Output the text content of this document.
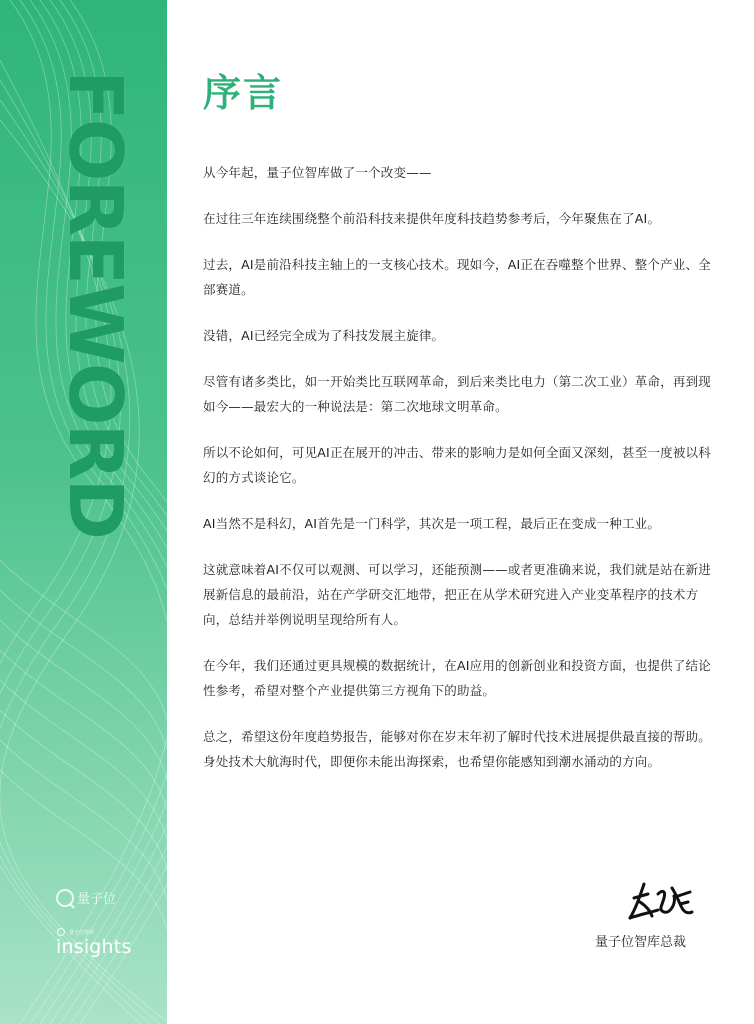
FOREWORD
量子位
量子位智库
insights
序言

从今年起，量子位智库做了一个改变——

在过往三年连续围绕整个前沿科技来提供年度科技趋势参考后，今年聚焦在了AI。

过去，AI是前沿科技主轴上的一支核心技术。现如今，AI正在吞噬整个世界、整个产业、全部赛道。

没错，AI已经完全成为了科技发展主旋律。

尽管有诸多类比，如一开始类比互联网革命，到后来类比电力（第二次工业）革命，再到现如今——最宏大的一种说法是：第二次地球文明革命。

所以不论如何，可见AI正在展开的冲击、带来的影响力是如何全面又深刻，甚至一度被以科幻的方式谈论它。

AI当然不是科幻，AI首先是一门科学，其次是一项工程，最后正在变成一种工业。

这就意味着AI不仅可以观测、可以学习，还能预测——或者更准确来说，我们就是站在新进展新信息的最前沿，站在产学研交汇地带，把正在从学术研究进入产业变革程序的技术方向，总结并举例说明呈现给所有人。

在今年，我们还通过更具规模的数据统计，在AI应用的创新创业和投资方面，也提供了结论性参考，希望对整个产业提供第三方视角下的助益。

总之，希望这份年度趋势报告，能够对你在岁末年初了解时代技术进展提供最直接的帮助。身处技术大航海时代，即便你未能出海探索，也希望你能感知到潮水涌动的方向。

量子位智库总裁
